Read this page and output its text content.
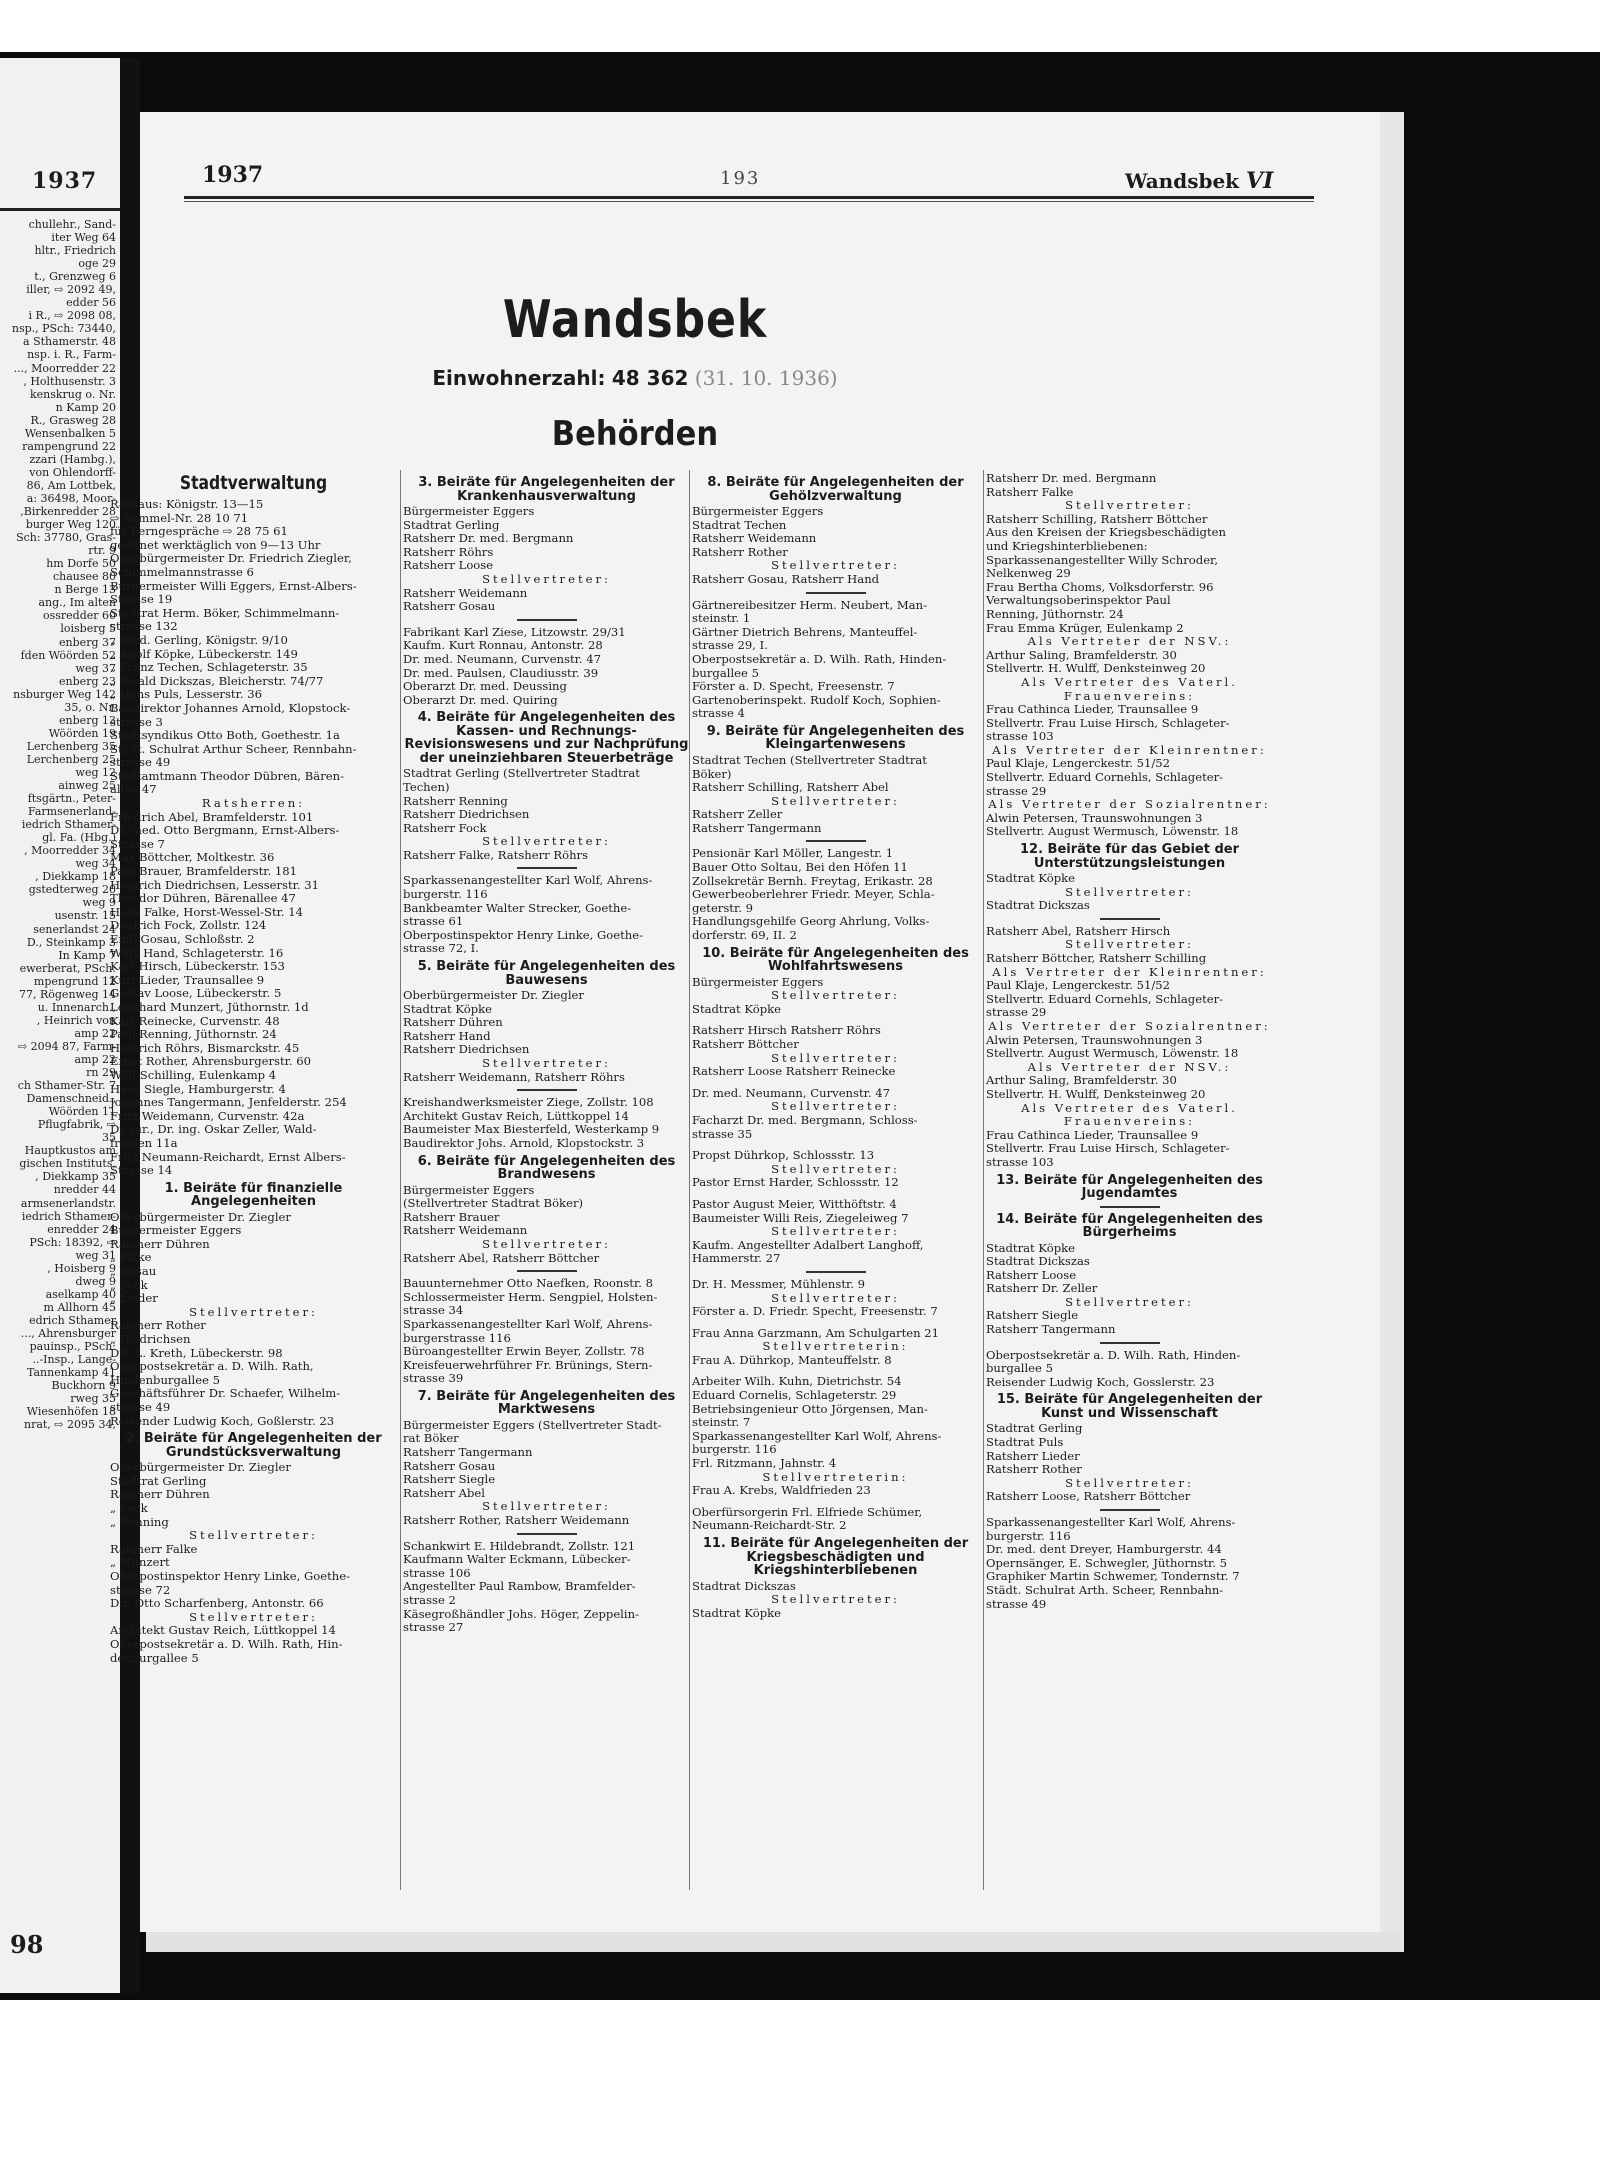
1937
chullehr., Sand-
iter Weg 64
hltr., Friedrich
oge 29
t., Grenzweg 6
iller, ⇨ 2092 49,
edder 56
i R., ⇨ 2098 08,
nsp., PSch: 73440,
a Sthamerstr. 48
nsp. i. R., Farm-
..., Moorredder 22
, Holthusenstr. 3
kenskrug o. Nr.
n Kamp 20
R., Grasweg 28
Wensenbalken 5
rampengrund 22
zzari (Hambg.),
von Ohlendorff-
86, Am Lottbek,
a: 36498, Moor-
,Birkenredder 28
burger Weg 120
Sch: 37780, Gras-
rtr. 9
hm Dorfe 50
chausee 80
n Berge 13
ang., Im alten
ossredder 60
loisberg 5
enberg 37
fden Wöörden 52
weg 37
enberg 23
nsburger Weg 142
35, o. Nr.
enberg 13
Wöörden 19
Lerchenberg 35
Lerchenberg 25
weg 12
ainweg 25
ftsgärtn., Peter-
Farmsenerland-
iedrich Sthamer-
gl. Fa. (Hbg.)
, Moorredder 34
weg 34
, Diekkamp 18
gstedterweg 20
weg 9
usenstr. 15
senerlandst 24
D., Steinkamp 3
In Kamp 7
ewerberat, PSch:
mpengrund 12
77, Rögenweg 14
u. Innenarch.,
, Heinrich von
amp 22
⇨ 2094 87, Farm-
amp 22
rn 29
ch Sthamer-Str. 7
Damenschneid.,
Wöörden 11
Pflugfabrik, ⇨
35
Hauptkustos am
gischen Instituts,
, Diekkamp 35
nredder 44
armsenerlandstr.
iedrich Sthamer-
enredder 24
PSch: 18392, ⇨
weg 31
, Hoisberg 9
dweg 9
aselkamp 40
m Allhorn 45
edrich Sthamer
..., Ahrensburger
pauinsp., PSch:
..-Insp., Lange-
Tannenkamp 41
Buckhorn 9
rweg 35
Wiesenhöfen 18
nrat, ⇨ 2095 34,
98
1937	193	Wandsbek VI
Wandsbek
Einwohnerzahl: 48 362 (31. 10. 1936)
Behörden
Stadtverwaltung
Rathaus: Königstr. 13—15
⇨ Sammel-Nr. 28 10 71
für Ferngespräche ⇨ 28 75 61
geöffnet werktäglich von 9—13 Uhr
Oberbürgermeister Dr. Friedrich Ziegler,
Schimmelmannstrasse 6
Bürgermeister Willi Eggers, Ernst-Albers-
Strasse 19
Stadtrat Herm. Böker, Schimmelmann-
strasse 132
„ Ferd. Gerling, Königstr. 9/10
„ Adolf Köpke, Lübeckerstr. 149
„ Franz Techen, Schlageterstr. 35
„ Ewald Dickszas, Bleicherstr. 74/77
„ Hans Puls, Lesserstr. 36
Baudirektor Johannes Arnold, Klopstock-
strasse 3
Stadtsyndikus Otto Both, Goethestr. 1a
Städt. Schulrat Arthur Scheer, Rennbahn-
strasse 49
Stadtamtmann Theodor Dübren, Bären-
allee 47
Ratsherren:
Friedrich Abel, Bramfelderstr. 101
Dr. med. Otto Bergmann, Ernst-Albers-
Strasse 7
Max Böttcher, Moltkestr. 36
Paul Brauer, Bramfelderstr. 181
Heinrich Diedrichsen, Lesserstr. 31
Theodor Dühren, Bärenallee 47
Hans Falke, Horst-Wessel-Str. 14
Diedrich Fock, Zollstr. 124
Emil Gosau, Schloßstr. 2
Willy Hand, Schlageterstr. 16
Karl Hirsch, Lübeckerstr. 153
Kurt Lieder, Traunsallee 9
Gustav Loose, Lübeckerstr. 5
Leonhard Munzert, Jüthornstr. 1d
Karl Reinecke, Curvenstr. 48
Paul Renning, Jüthornstr. 24
Heinrich Röhrs, Bismarckstr. 45
Ernst Rother, Ahrensburgerstr. 60
Wolf Schilling, Eulenkamp 4
Hans Siegle, Hamburgerstr. 4
Johannes Tangermann, Jenfelderstr. 254
Fritz Weidemann, Curvenstr. 42a
Dr. jur., Dr. ing. Oskar Zeller, Wald-
frieden 11a
Fritz Neumann-Reichardt, Ernst Albers-
Strasse 14
1. Beiräte für finanzielle Angelegenheiten
Oberbürgermeister Dr. Ziegler
Bürgermeister Eggers
Ratsherr Dühren
„ Falke
„ Gosau
„ Fock
„ Lieder
Stellvertreter:
Ratsherr Rother
„ Diedrichsen
Dir. L. Kreth, Lübeckerstr. 98
Oberpostsekretär a. D. Wilh. Rath,
Hindenburgallee 5
Geschäftsführer Dr. Schaefer, Wilhelm-
strasse 49
Reisender Ludwig Koch, Goßlerstr. 23
2. Beiräte für Angelegenheiten der Grundstücksverwaltung
Oberbürgermeister Dr. Ziegler
Stadtrat Gerling
Ratsherr Dühren
„ Fock
„ Renning
Stellvertreter:
Ratsherr Falke
„ Munzert
Oberpostinspektor Henry Linke, Goethe-
strasse 72
Dir. Otto Scharfenberg, Antonstr. 66
Stellvertreter:
Architekt Gustav Reich, Lüttkoppel 14
Oberpostsekretär a. D. Wilh. Rath, Hin-
denburgallee 5
3. Beiräte für Angelegenheiten der Krankenhausverwaltung
Bürgermeister Eggers
Stadtrat Gerling
Ratsherr Dr. med. Bergmann
Ratsherr Röhrs
Ratsherr Loose
Stellvertreter:
Ratsherr Weidemann
Ratsherr Gosau
Fabrikant Karl Ziese, Litzowstr. 29/31
Kaufm. Kurt Ronnau, Antonstr. 28
Dr. med. Neumann, Curvenstr. 47
Dr. med. Paulsen, Claudiusstr. 39
Oberarzt Dr. med. Deussing
Oberarzt Dr. med. Quiring
4. Beiräte für Angelegenheiten des Kassen- und Rechnungs-Revisionswesens und zur Nachprüfung der uneinziehbaren Steuerbeträge
Stadtrat Gerling (Stellvertreter Stadtrat
Techen)
Ratsherr Renning
Ratsherr Diedrichsen
Ratsherr Fock
Stellvertreter:
Ratsherr Falke, Ratsherr Röhrs
Sparkassenangestellter Karl Wolf, Ahrens-
burgerstr. 116
Bankbeamter Walter Strecker, Goethe-
strasse 61
Oberpostinspektor Henry Linke, Goethe-
strasse 72, I.
5. Beiräte für Angelegenheiten des Bauwesens
Oberbürgermeister Dr. Ziegler
Stadtrat Köpke
Ratsherr Dühren
Ratsherr Hand
Ratsherr Diedrichsen
Stellvertreter:
Ratsherr Weidemann, Ratsherr Röhrs
Kreishandwerksmeister Ziege, Zollstr. 108
Architekt Gustav Reich, Lüttkoppel 14
Baumeister Max Biesterfeld, Westerkamp 9
Baudirektor Johs. Arnold, Klopstockstr. 3
6. Beiräte für Angelegenheiten des Brandwesens
Bürgermeister Eggers
(Stellvertreter Stadtrat Böker)
Ratsherr Brauer
Ratsherr Weidemann
Stellvertreter:
Ratsherr Abel, Ratsherr Böttcher
Bauunternehmer Otto Naefken, Roonstr. 8
Schlossermeister Herm. Sengpiel, Holsten-
strasse 34
Sparkassenangestellter Karl Wolf, Ahrens-
burgerstrasse 116
Büroangestellter Erwin Beyer, Zollstr. 78
Kreisfeuerwehrführer Fr. Brünings, Stern-
strasse 39
7. Beiräte für Angelegenheiten des Marktwesens
Bürgermeister Eggers (Stellvertreter Stadt-
rat Böker
Ratsherr Tangermann
Ratsherr Gosau
Ratsherr Siegle
Ratsherr Abel
Stellvertreter:
Ratsherr Rother, Ratsherr Weidemann
Schankwirt E. Hildebrandt, Zollstr. 121
Kaufmann Walter Eckmann, Lübecker-
strasse 106
Angestellter Paul Rambow, Bramfelder-
strasse 2
Käsegroßhändler Johs. Höger, Zeppelin-
strasse 27
8. Beiräte für Angelegenheiten der Gehölzverwaltung
Bürgermeister Eggers
Stadtrat Techen
Ratsherr Weidemann
Ratsherr Rother
Stellvertreter:
Ratsherr Gosau, Ratsherr Hand
Gärtnereibesitzer Herm. Neubert, Man-
steinstr. 1
Gärtner Dietrich Behrens, Manteuffel-
strasse 29, I.
Oberpostsekretär a. D. Wilh. Rath, Hinden-
burgallee 5
Förster a. D. Specht, Freesenstr. 7
Gartenoberinspekt. Rudolf Koch, Sophien-
strasse 4
9. Beiräte für Angelegenheiten des Kleingartenwesens
Stadtrat Techen (Stellvertreter Stadtrat
Böker)
Ratsherr Schilling, Ratsherr Abel
Stellvertreter:
Ratsherr Zeller
Ratsherr Tangermann
Pensionär Karl Möller, Langestr. 1
Bauer Otto Soltau, Bei den Höfen 11
Zollsekretär Bernh. Freytag, Erikastr. 28
Gewerbeoberlehrer Friedr. Meyer, Schla-
geterstr. 9
Handlungsgehilfe Georg Ahrlung, Volks-
dorferstr. 69, II. 2
10. Beiräte für Angelegenheiten des Wohlfahrtswesens
Bürgermeister Eggers
Stellvertreter:
Stadtrat Köpke
Ratsherr Hirsch Ratsherr Röhrs
Ratsherr Böttcher
Stellvertreter:
Ratsherr Loose Ratsherr Reinecke
Dr. med. Neumann, Curvenstr. 47
Stellvertreter:
Facharzt Dr. med. Bergmann, Schloss-
strasse 35
Propst Dührkop, Schlossstr. 13
Stellvertreter:
Pastor Ernst Harder, Schlossstr. 12
Pastor August Meier, Witthöftstr. 4
Baumeister Willi Reis, Ziegeleiweg 7
Stellvertreter:
Kaufm. Angestellter Adalbert Langhoff,
Hammerstr. 27
Dr. H. Messmer, Mühlenstr. 9
Stellvertreter:
Förster a. D. Friedr. Specht, Freesenstr. 7
Frau Anna Garzmann, Am Schulgarten 21
Stellvertreterin:
Frau A. Dührkop, Manteuffelstr. 8
Arbeiter Wilh. Kuhn, Dietrichstr. 54
Eduard Cornelis, Schlageterstr. 29
Betriebsingenieur Otto Jörgensen, Man-
steinstr. 7
Sparkassenangestellter Karl Wolf, Ahrens-
burgerstr. 116
Frl. Ritzmann, Jahnstr. 4
Stellvertreterin:
Frau A. Krebs, Waldfrieden 23
Oberfürsorgerin Frl. Elfriede Schümer,
Neumann-Reichardt-Str. 2
11. Beiräte für Angelegenheiten der Kriegsbeschädigten und Kriegshinterbliebenen
Stadtrat Dickszas
Stellvertreter:
Stadtrat Köpke
Ratsherr Dr. med. Bergmann
Ratsherr Falke
Stellvertreter:
Ratsherr Schilling, Ratsherr Böttcher
Aus den Kreisen der Kriegsbeschädigten
und Kriegshinterbliebenen:
Sparkassenangestellter Willy Schroder,
Nelkenweg 29
Frau Bertha Choms, Volksdorferstr. 96
Verwaltungsoberinspektor Paul
Renning, Jüthornstr. 24
Frau Emma Krüger, Eulenkamp 2
Als Vertreter der NSV.:
Arthur Saling, Bramfelderstr. 30
Stellvertr. H. Wulff, Denksteinweg 20
Als Vertreter des Vaterl. Frauenvereins:
Frau Cathinca Lieder, Traunsallee 9
Stellvertr. Frau Luise Hirsch, Schlageter-
strasse 103
Als Vertreter der Kleinrentner:
Paul Klaje, Lengerckestr. 51/52
Stellvertr. Eduard Cornehls, Schlageter-
strasse 29
Als Vertreter der Sozialrentner:
Alwin Petersen, Traunswohnungen 3
Stellvertr. August Wermusch, Löwenstr. 18
12. Beiräte für das Gebiet der Unterstützungsleistungen
Stadtrat Köpke
Stellvertreter:
Stadtrat Dickszas
Ratsherr Abel, Ratsherr Hirsch
Stellvertreter:
Ratsherr Böttcher, Ratsherr Schilling
Als Vertreter der Kleinrentner:
Paul Klaje, Lengerckestr. 51/52
Stellvertr. Eduard Cornehls, Schlageter-
strasse 29
Als Vertreter der Sozialrentner:
Alwin Petersen, Traunswohnungen 3
Stellvertr. August Wermusch, Löwenstr. 18
Als Vertreter der NSV.:
Arthur Saling, Bramfelderstr. 30
Stellvertr. H. Wulff, Denksteinweg 20
Als Vertreter des Vaterl. Frauenvereins:
Frau Cathinca Lieder, Traunsallee 9
Stellvertr. Frau Luise Hirsch, Schlageter-
strasse 103
13. Beiräte für Angelegenheiten des Jugendamtes
14. Beiräte für Angelegenheiten des Bürgerheims
Stadtrat Köpke
Stadtrat Dickszas
Ratsherr Loose
Ratsherr Dr. Zeller
Stellvertreter:
Ratsherr Siegle
Ratsherr Tangermann
Oberpostsekretär a. D. Wilh. Rath, Hinden-
burgallee 5
Reisender Ludwig Koch, Gosslerstr. 23
15. Beiräte für Angelegenheiten der Kunst und Wissenschaft
Stadtrat Gerling
Stadtrat Puls
Ratsherr Lieder
Ratsherr Rother
Stellvertreter:
Ratsherr Loose, Ratsherr Böttcher
Sparkassenangestellter Karl Wolf, Ahrens-
burgerstr. 116
Dr. med. dent Dreyer, Hamburgerstr. 44
Opernsänger, E. Schwegler, Jüthornstr. 5
Graphiker Martin Schwemer, Tondernstr. 7
Städt. Schulrat Arth. Scheer, Rennbahn-
strasse 49
